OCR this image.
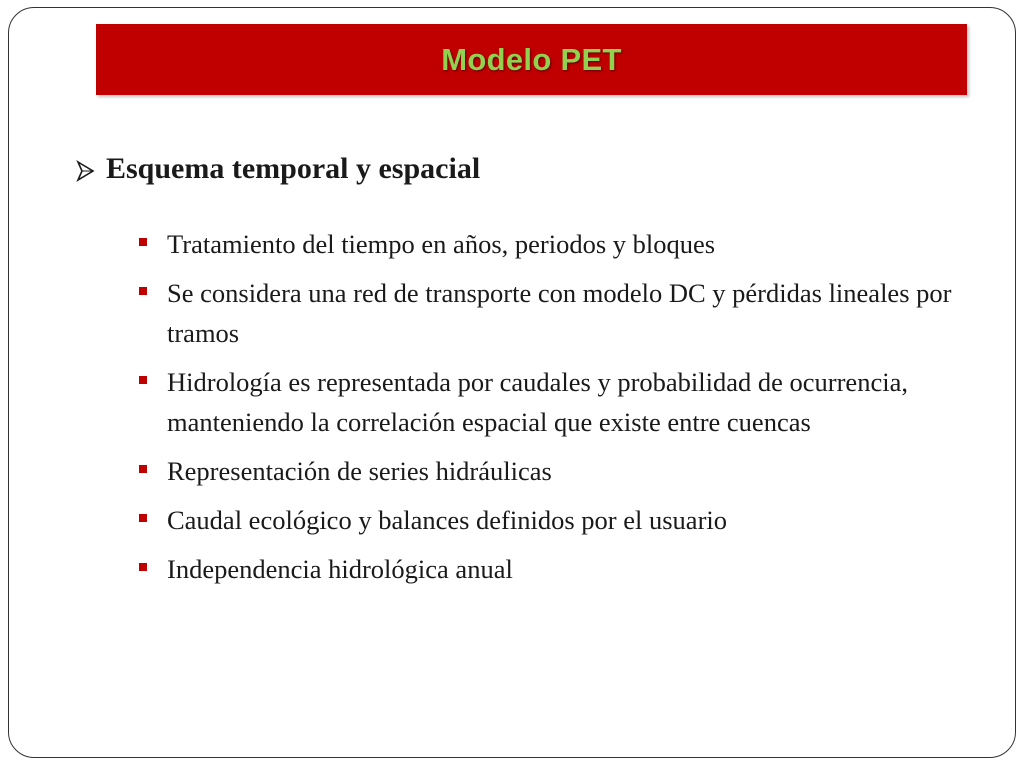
Modelo PET
Esquema temporal y espacial
Tratamiento del tiempo en años, periodos y bloques
Se considera una red de transporte con modelo DC y pérdidas lineales por tramos
Hidrología es representada por caudales y probabilidad de ocurrencia, manteniendo la correlación espacial que existe entre cuencas
Representación de series hidráulicas
Caudal ecológico y balances definidos por el usuario
Independencia hidrológica anual
